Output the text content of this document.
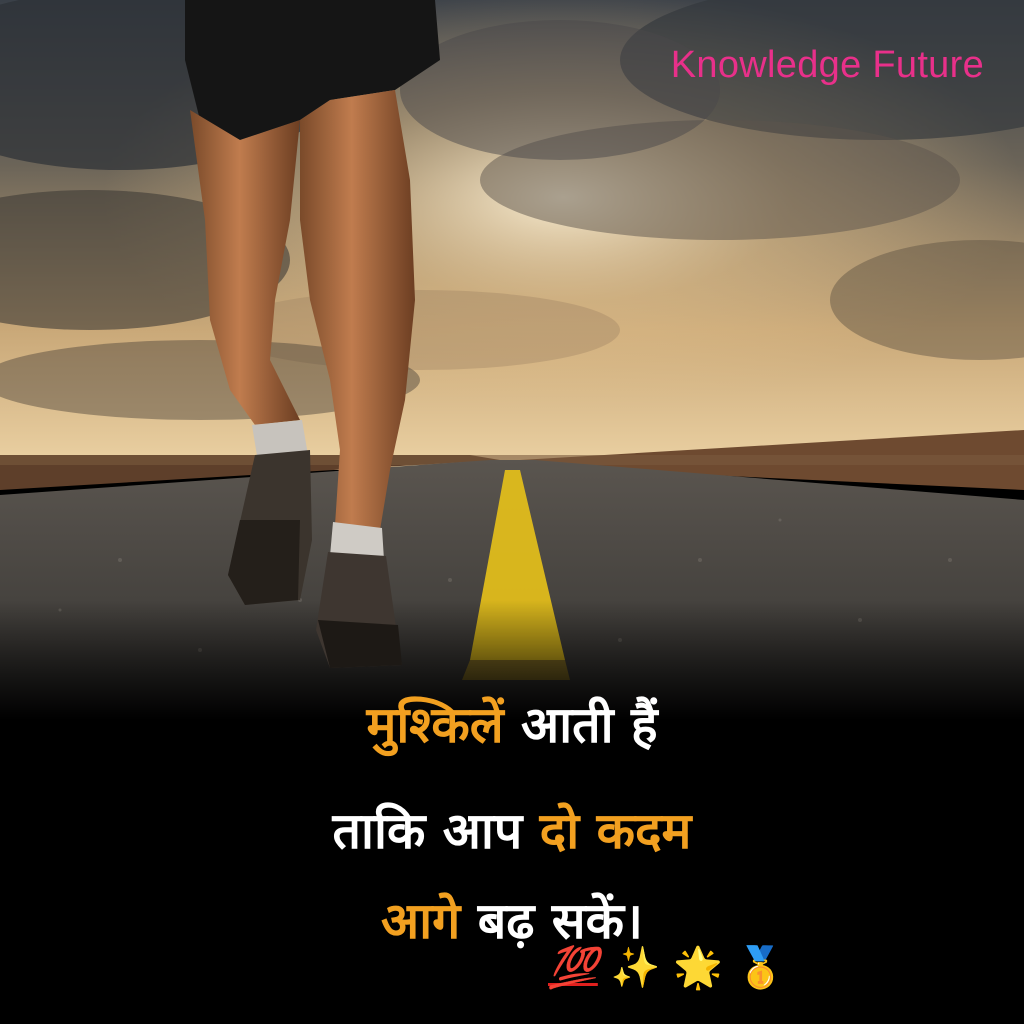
Knowledge Future
मुश्किलें आती हैं
ताकि आप दो कदम
आगे बढ़ सकें।
💯 ✨ 🌟 🥇
